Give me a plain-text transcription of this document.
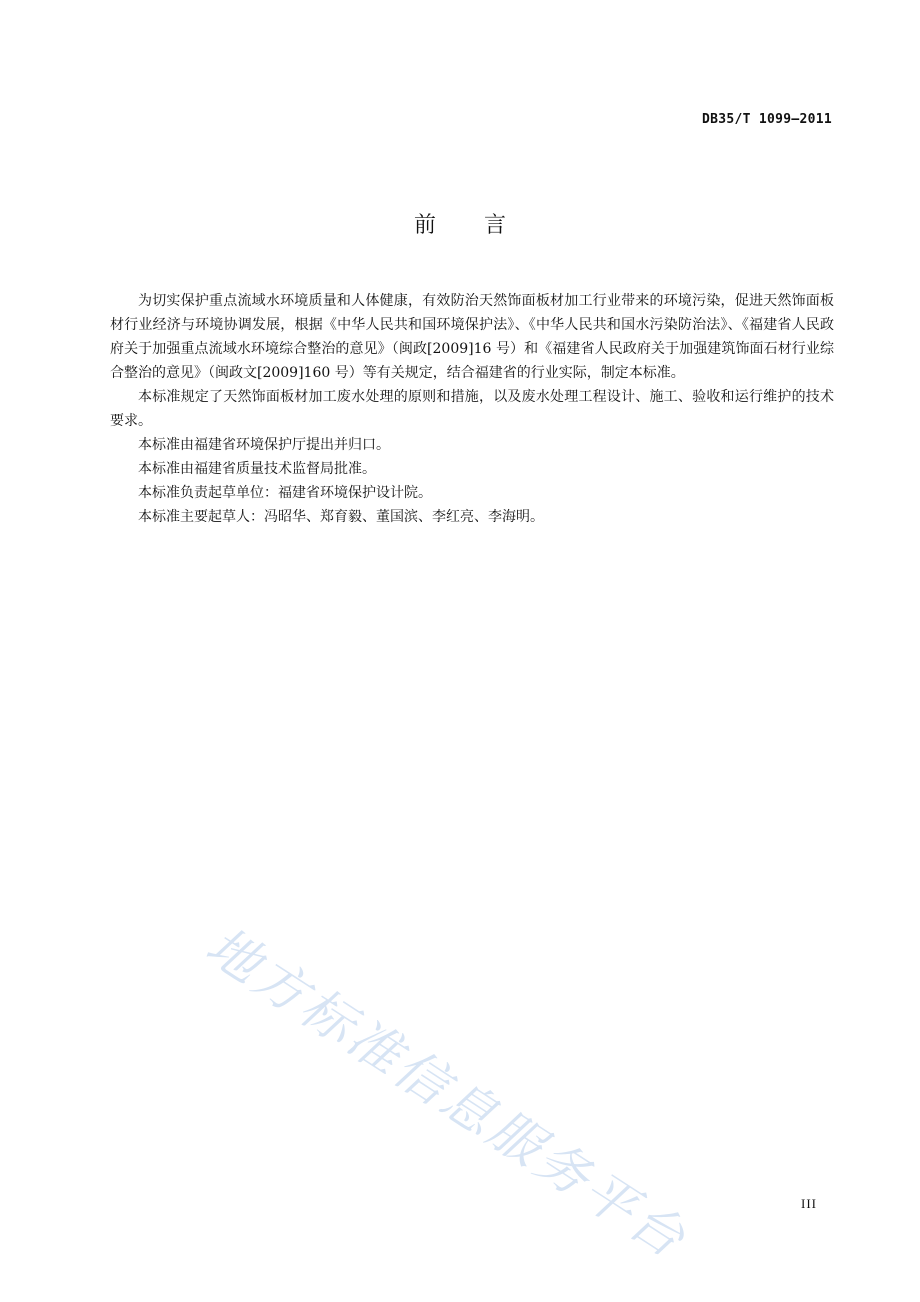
DB35/T 1099—2011
前言

为切实保护重点流域水环境质量和人体健康，有效防治天然饰面板材加工行业带来的环境污染，促进天然饰面板材行业经济与环境协调发展，根据《中华人民共和国环境保护法》、《中华人民共和国水污染防治法》、《福建省人民政府关于加强重点流域水环境综合整治的意见》（闽政[2009]16 号）和《福建省人民政府关于加强建筑饰面石材行业综合整治的意见》（闽政文[2009]160 号）等有关规定，结合福建省的行业实际，制定本标准。

本标准规定了天然饰面板材加工废水处理的原则和措施，以及废水处理工程设计、施工、验收和运行维护的技术要求。

本标准由福建省环境保护厅提出并归口。

本标准由福建省质量技术监督局批准。

本标准负责起草单位：福建省环境保护设计院。

本标准主要起草人：冯昭华、郑育毅、董国滨、李红亮、李海明。

地方标准信息服务平台	III
